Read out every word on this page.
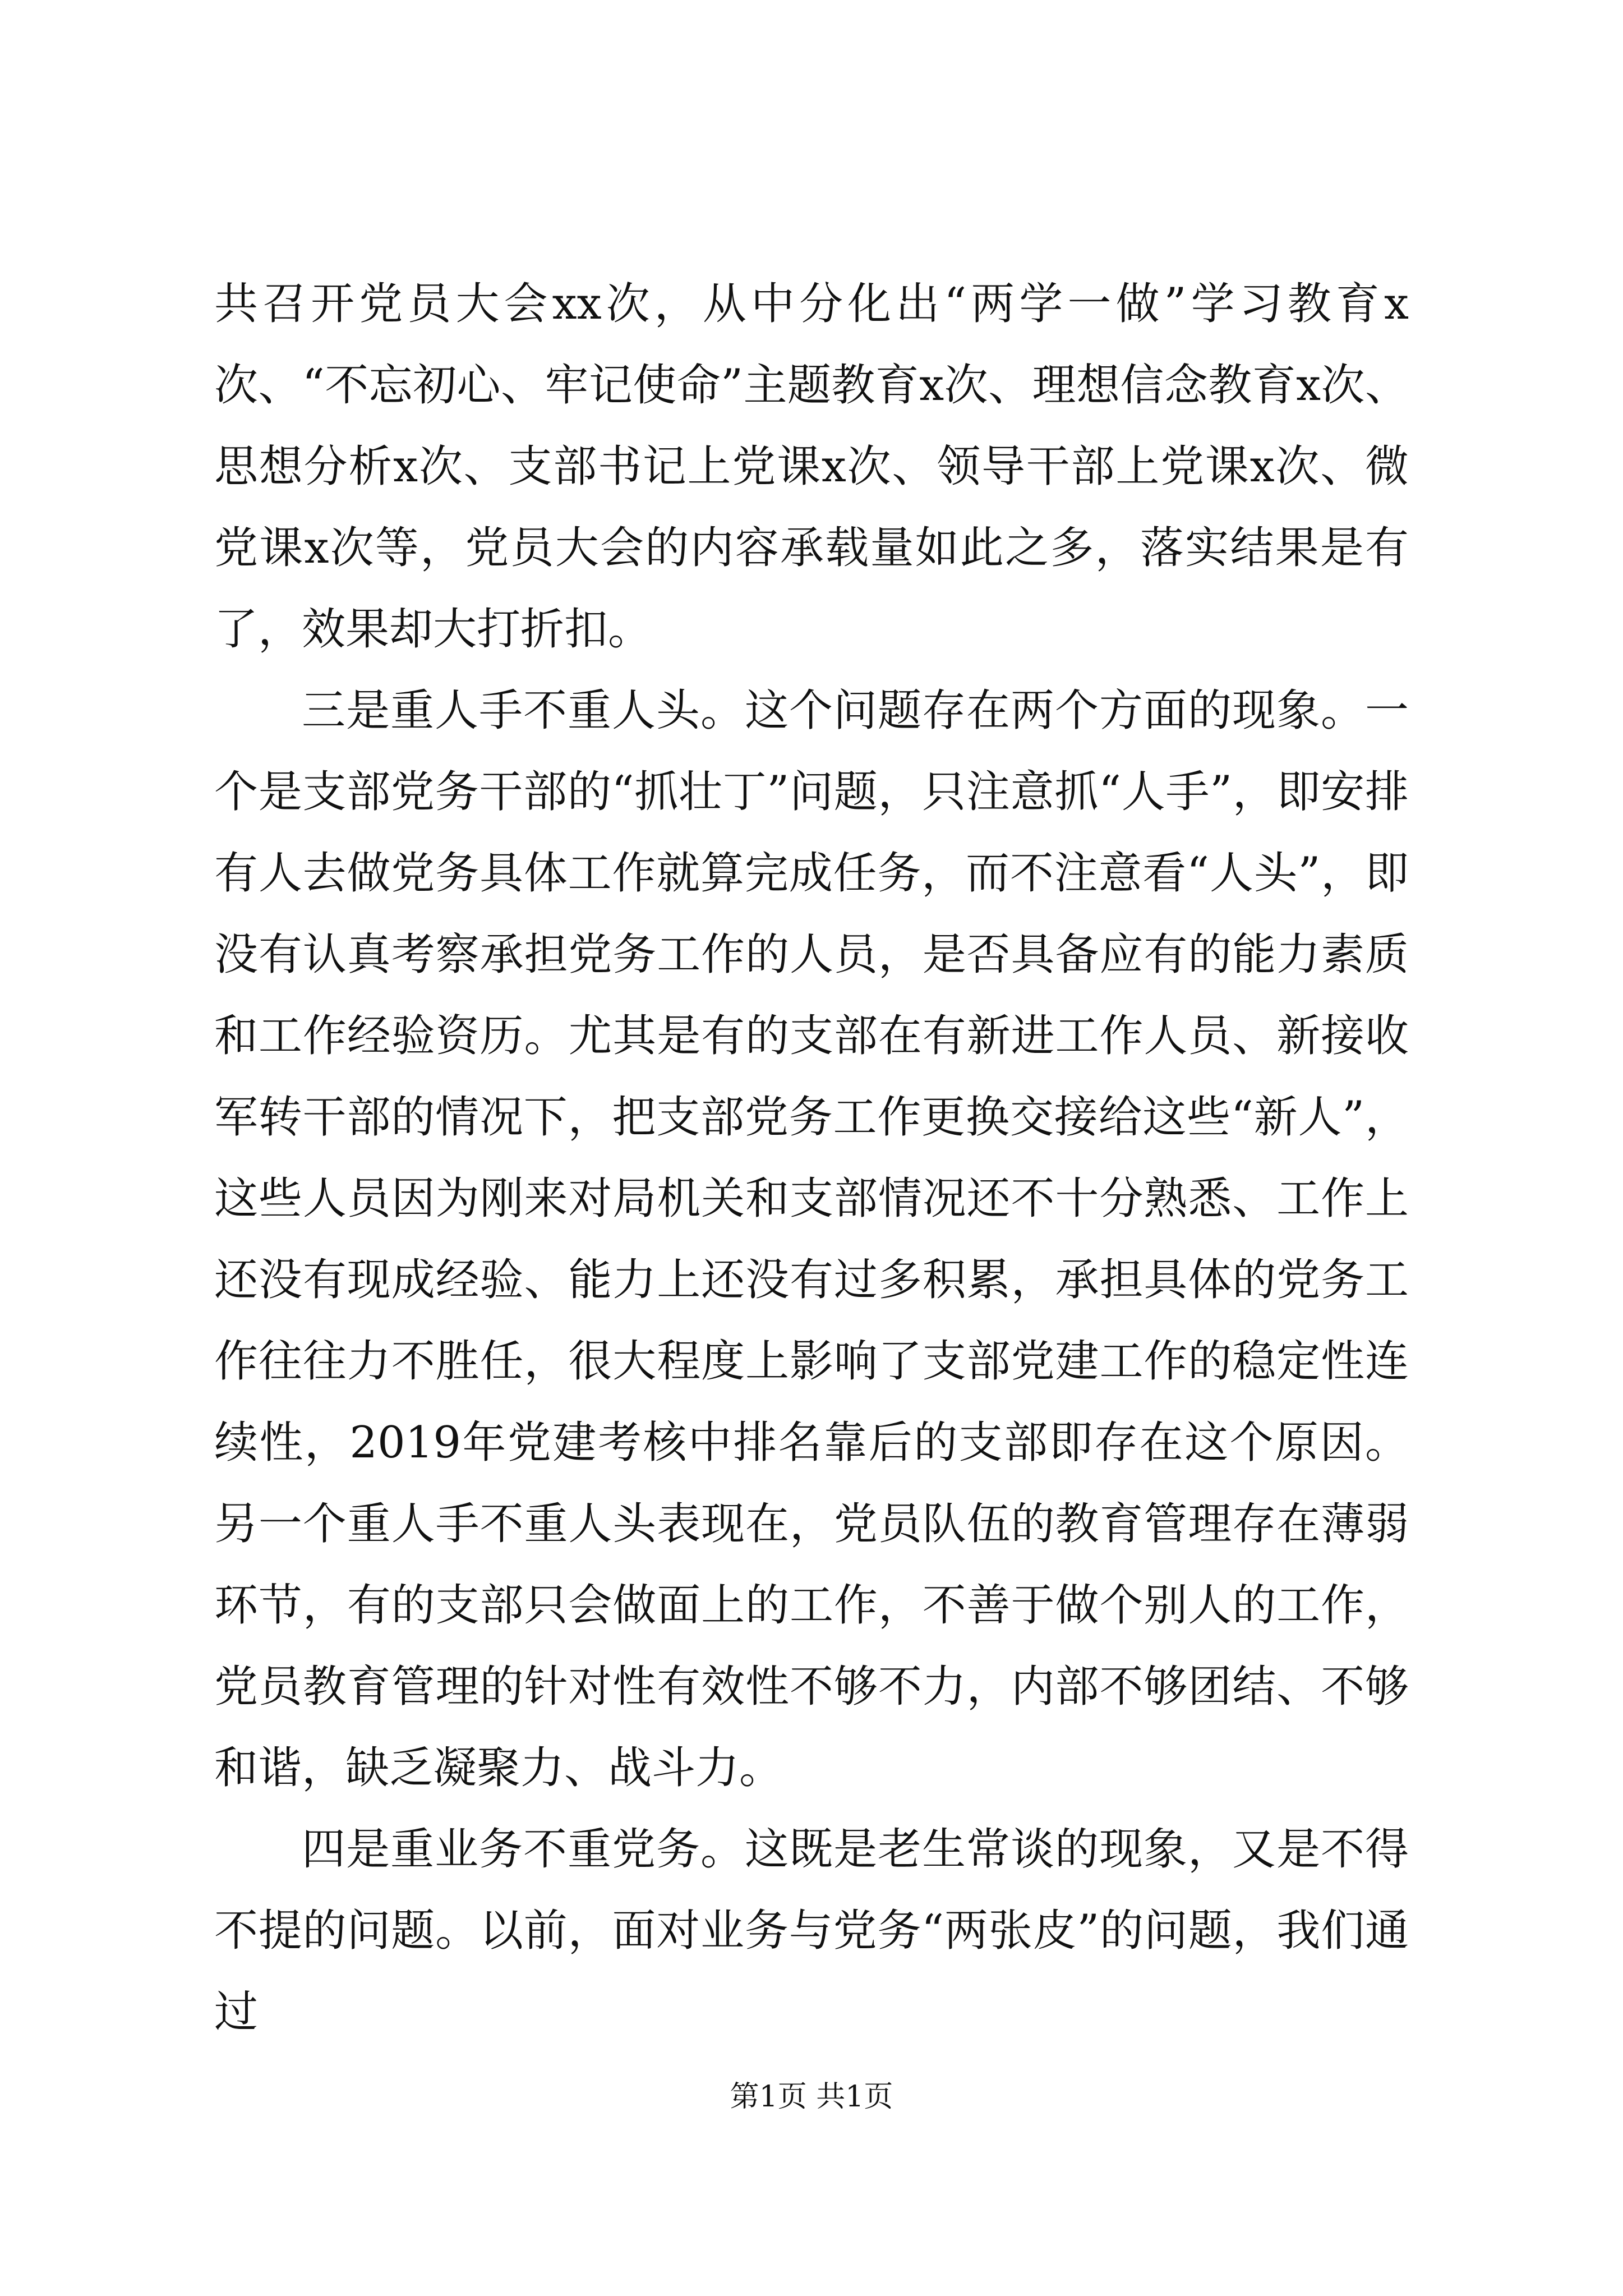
共召开党员大会xx次，从中分化出“两学一做”学习教育x次、“不忘初心、牢记使命”主题教育x次、理想信念教育x次、思想分析x次、支部书记上党课x次、领导干部上党课x次、微党课x次等，党员大会的内容承载量如此之多，落实结果是有了，效果却大打折扣。

三是重人手不重人头。这个问题存在两个方面的现象。一个是支部党务干部的“抓壮丁”问题，只注意抓“人手”，即安排有人去做党务具体工作就算完成任务，而不注意看“人头”，即没有认真考察承担党务工作的人员，是否具备应有的能力素质和工作经验资历。尤其是有的支部在有新进工作人员、新接收军转干部的情况下，把支部党务工作更换交接给这些“新人”，这些人员因为刚来对局机关和支部情况还不十分熟悉、工作上还没有现成经验、能力上还没有过多积累，承担具体的党务工作往往力不胜任，很大程度上影响了支部党建工作的稳定性连续性，2019年党建考核中排名靠后的支部即存在这个原因。另一个重人手不重人头表现在，党员队伍的教育管理存在薄弱环节，有的支部只会做面上的工作，不善于做个别人的工作，党员教育管理的针对性有效性不够不力，内部不够团结、不够和谐，缺乏凝聚力、战斗力。

四是重业务不重党务。这既是老生常谈的现象，又是不得不提的问题。以前，面对业务与党务“两张皮”的问题，我们通过

第1页 共1页
